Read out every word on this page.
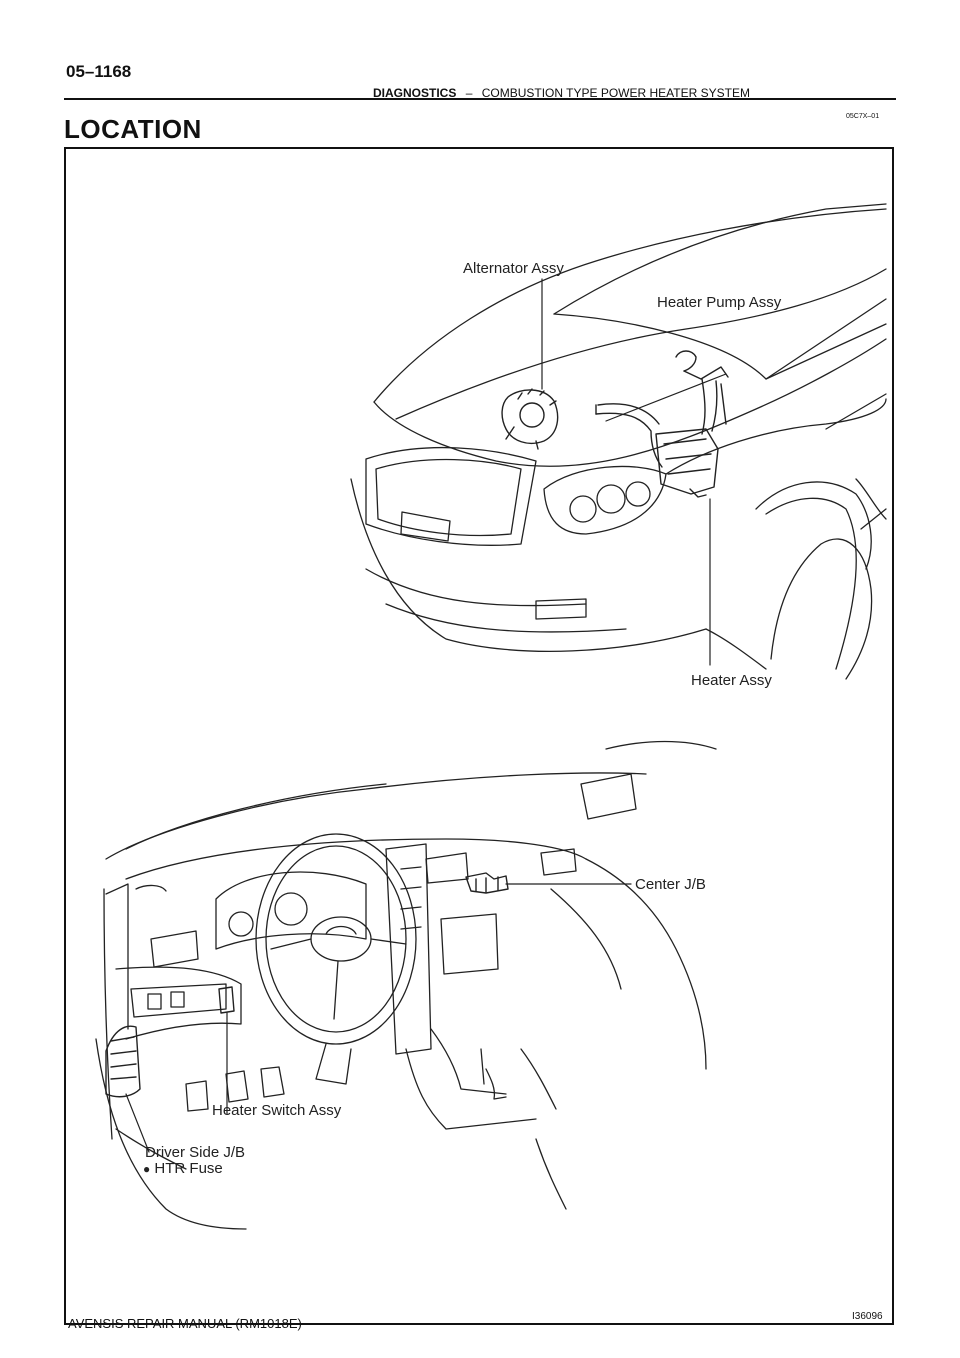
05–1168
DIAGNOSTICS – COMBUSTION TYPE POWER HEATER SYSTEM
05C7X–01
LOCATION
Alternator Assy
Heater Pump Assy
Heater Assy
Center J/B
Heater Switch Assy
Driver Side J/B
● HTR Fuse
I36096
AVENSIS REPAIR MANUAL (RM1018E)
